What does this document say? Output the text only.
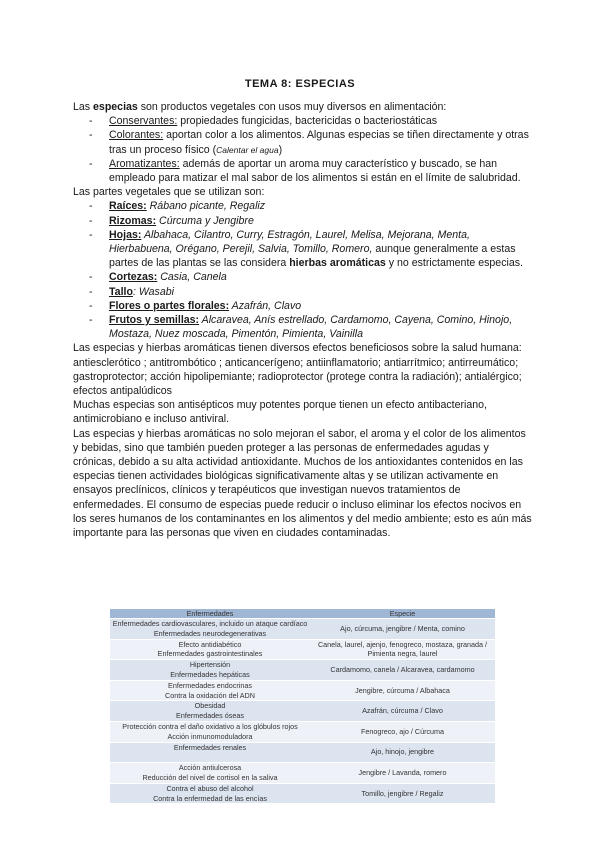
TEMA 8: ESPECIAS

Las especias son productos vegetales con usos muy diversos en alimentación:

- Conservantes: propiedades fungicidas, bactericidas o bacteriostáticas
- Colorantes: aportan color a los alimentos. Algunas especias se tiñen directamente y otras tras un proceso físico (Calentar el agua)
- Aromatizantes: además de aportar un aroma muy característico y buscado, se han empleado para matizar el mal sabor de los alimentos si están en el límite de salubridad.

Las partes vegetales que se utilizan son:

- Raíces: Rábano picante, Regaliz
- Rizomas: Cúrcuma y Jengibre
- Hojas: Albahaca, Cilantro, Curry, Estragón, Laurel, Melisa, Mejorana, Menta, Hierbabuena, Orégano, Perejil, Salvia, Tomillo, Romero, aunque generalmente a estas partes de las plantas se las considera hierbas aromáticas y no estrictamente especias.
- Cortezas: Casia, Canela
- Tallo: Wasabi
- Flores o partes florales: Azafrán, Clavo
- Frutos y semillas: Alcaravea, Anís estrellado, Cardamomo, Cayena, Comino, Hinojo, Mostaza, Nuez moscada, Pimentón, Pimienta, Vainilla

Las especias y hierbas aromáticas tienen diversos efectos beneficiosos sobre la salud humana: antiesclerótico ; antitrombótico ; anticancerígeno; antiinflamatorio; antiarrítmico; antirreumático; gastroprotector; acción hipolipemiante; radioprotector (protege contra la radiación); antialérgico; efectos antipalúdicos

Muchas especias son antisépticos muy potentes porque tienen un efecto antibacteriano, antimicrobiano e incluso antiviral.

Las especias y hierbas aromáticas no solo mejoran el sabor, el aroma y el color de los alimentos y bebidas, sino que también pueden proteger a las personas de enfermedades agudas y crónicas, debido a su alta actividad antioxidante. Muchos de los antioxidantes contenidos en las especias tienen actividades biológicas significativamente altas y se utilizan activamente en ensayos preclínicos, clínicos y terapéuticos que investigan nuevos tratamientos de enfermedades. El consumo de especias puede reducir o incluso eliminar los efectos nocivos en los seres humanos de los contaminantes en los alimentos y del medio ambiente; esto es aún más importante para las personas que viven en ciudades contaminadas.

Enfermedades	Especie

Enfermedades cardiovasculares, incluido un ataque cardíaco
Enfermedades neurodegenerativas	Ajo, cúrcuma, jengibre / Menta, comino

Efecto antidiabético
Enfermedades gastrointestinales	Canela, laurel, ajenjo, fenogreco, mostaza, granada / Pimienta negra, laurel

Hipertensión
Enfermedades hepáticas	Cardamomo, canela / Alcaravea, cardamomo

Enfermedades endocrinas
Contra la oxidación del ADN	Jengibre, cúrcuma / Albahaca

Obesidad
Enfermedades óseas	Azafrán, cúrcuma / Clavo

Protección contra el daño oxidativo a los glóbulos rojos
Acción inmunomoduladora	Fenogreco, ajo / Cúrcuma

Enfermedades renales	Ajo, hinojo, jengibre

Acción antiulcerosa
Reducción del nivel de cortisol en la saliva	Jengibre / Lavanda, romero

Contra el abuso del alcohol
Contra la enfermedad de las encías	Tomillo, jengibre / Regaliz
